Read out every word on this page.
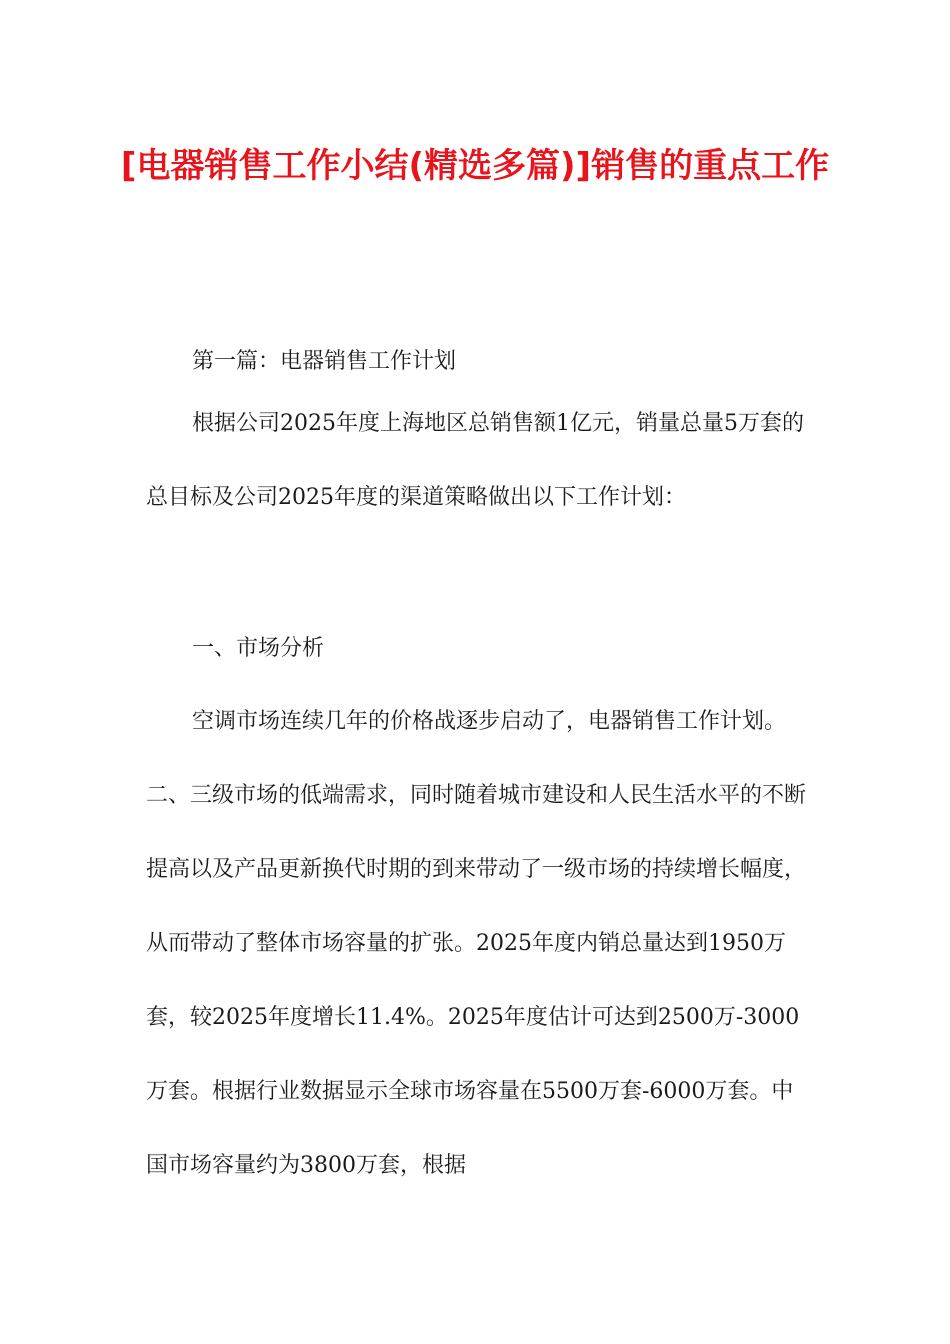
[电器销售工作小结(精选多篇)]销售的重点工作

第一篇：电器销售工作计划

根据公司2025年度上海地区总销售额1亿元，销量总量5万套的总目标及公司2025年度的渠道策略做出以下工作计划：

一、市场分析

空调市场连续几年的价格战逐步启动了，电器销售工作计划。二、三级市场的低端需求，同时随着城市建设和人民生活水平的不断提高以及产品更新换代时期的到来带动了一级市场的持续增长幅度，从而带动了整体市场容量的扩张。2025年度内销总量达到1950万套，较2025年度增长11.4%。2025年度估计可达到2500万-3000万套。根据行业数据显示全球市场容量在5500万套-6000万套。中国市场容量约为3800万套，根据
